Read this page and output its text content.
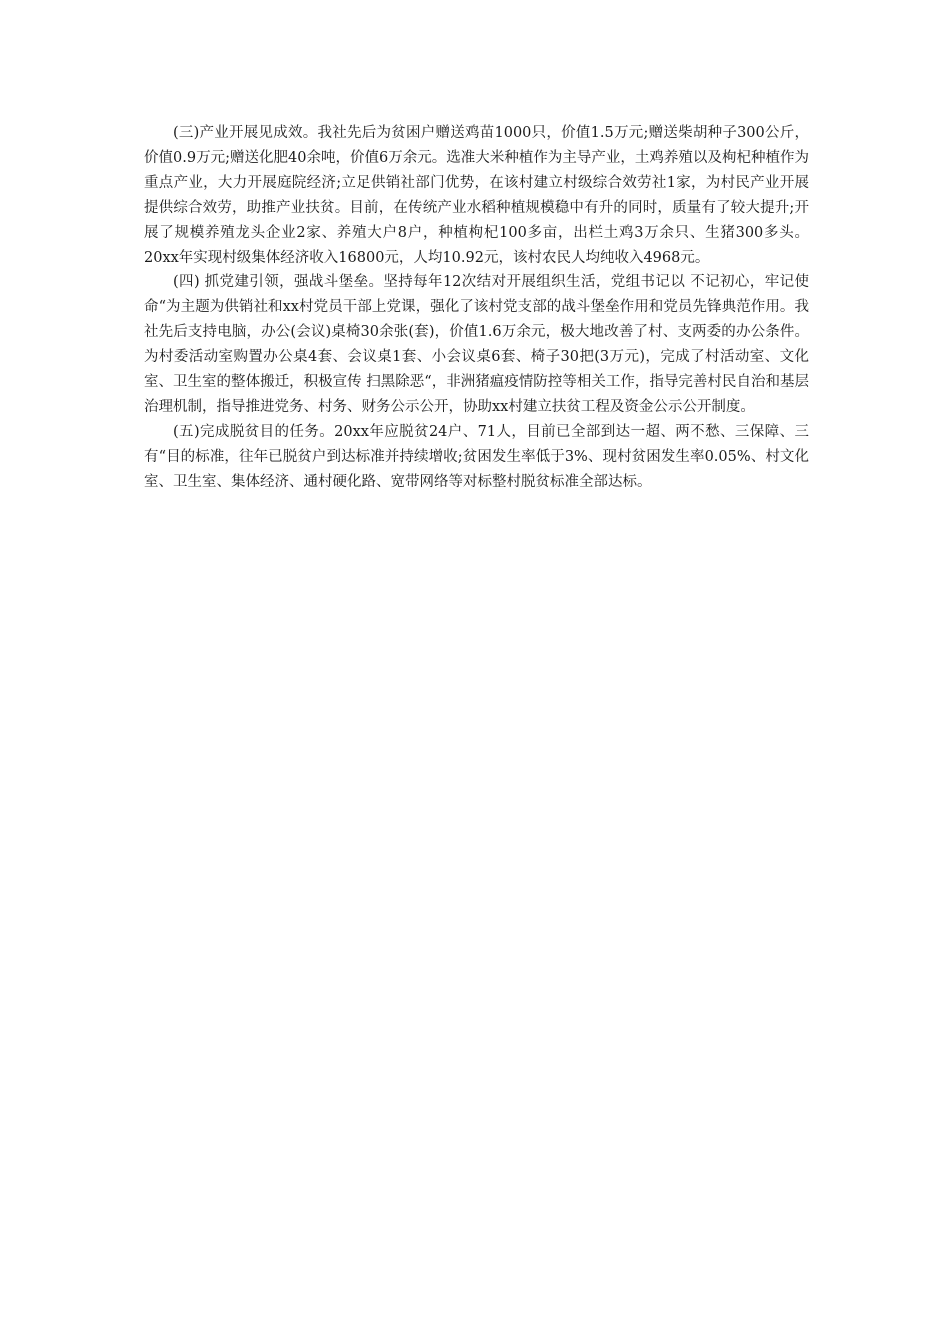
(三)产业开展见成效。我社先后为贫困户赠送鸡苗1000只，价值1.5万元;赠送柴胡种子300公斤，价值0.9万元;赠送化肥40余吨，价值6万余元。选准大米种植作为主导产业，土鸡养殖以及枸杞种植作为重点产业，大力开展庭院经济;立足供销社部门优势，在该村建立村级综合效劳社1家，为村民产业开展提供综合效劳，助推产业扶贫。目前，在传统产业水稻种植规模稳中有升的同时，质量有了较大提升;开展了规模养殖龙头企业2家、养殖大户8户，种植枸杞100多亩，出栏土鸡3万余只、生猪300多头。20xx年实现村级集体经济收入16800元，人均10.92元，该村农民人均纯收入4968元。

(四) 抓党建引领，强战斗堡垒。坚持每年12次结对开展组织生活，党组书记以 不记初心，牢记使命“为主题为供销社和xx村党员干部上党课，强化了该村党支部的战斗堡垒作用和党员先锋典范作用。我社先后支持电脑，办公(会议)桌椅30余张(套)，价值1.6万余元，极大地改善了村、支两委的办公条件。为村委活动室购置办公桌4套、会议桌1套、小会议桌6套、椅子30把(3万元)，完成了村活动室、文化室、卫生室的整体搬迁，积极宣传 扫黑除恶“，非洲猪瘟疫情防控等相关工作，指导完善村民自治和基层治理机制，指导推进党务、村务、财务公示公开，协助xx村建立扶贫工程及资金公示公开制度。

(五)完成脱贫目的任务。20xx年应脱贫24户、71人，目前已全部到达一超、两不愁、三保障、三有“目的标准，往年已脱贫户到达标准并持续增收;贫困发生率低于3%、现村贫困发生率0.05%、村文化室、卫生室、集体经济、通村硬化路、宽带网络等对标整村脱贫标准全部达标。
